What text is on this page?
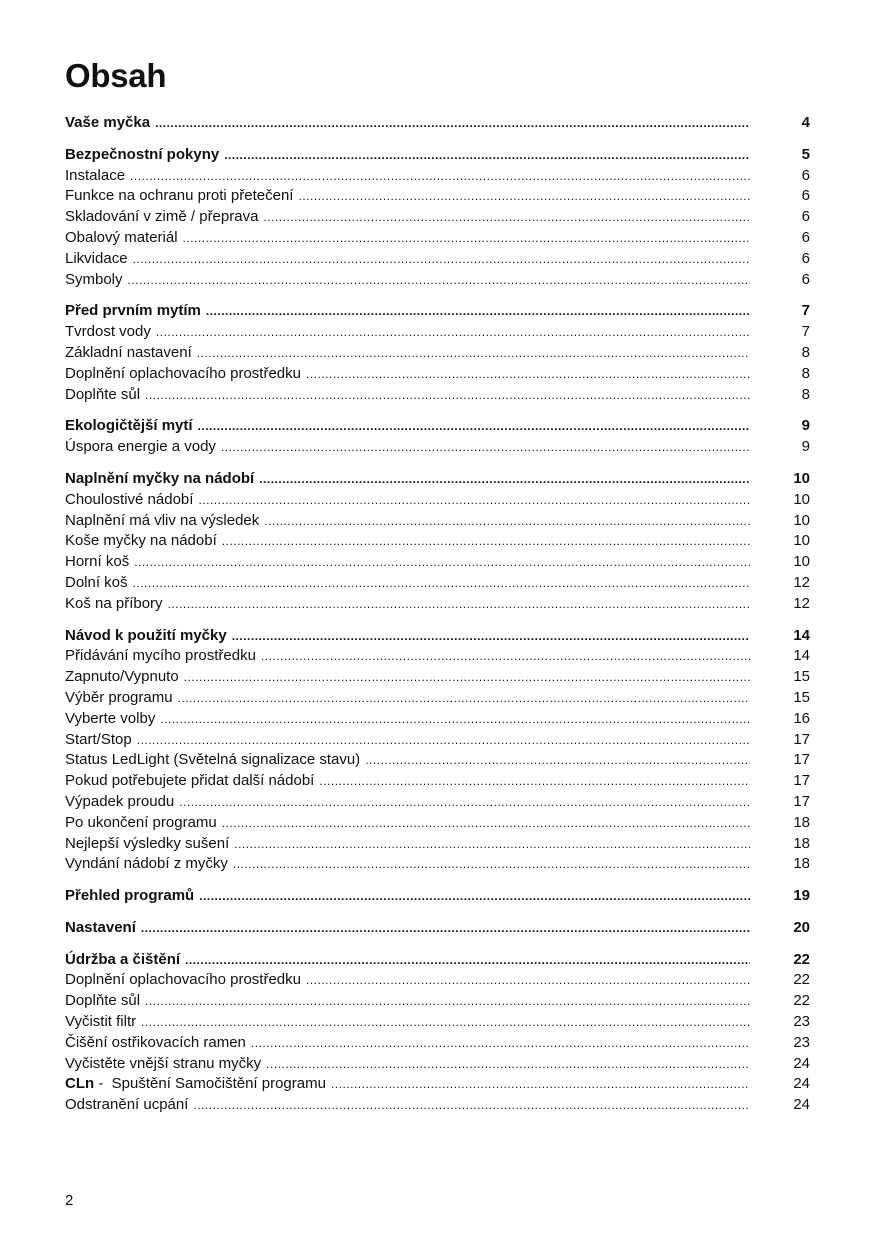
Obsah
Vaše myčka .....	4
Bezpečnostní pokyny .....	5
Instalace .....	6
Funkce na ochranu proti přetečení .....	6
Skladování v zimě / přeprava .....	6
Obalový materiál .....	6
Likvidace .....	6
Symboly .....	6
Před prvním mytím .....	7
Tvrdost vody .....	7
Základní nastavení .....	8
Doplnění oplachovacího prostředku .....	8
Doplňte sůl .....	8
Ekologičtější mytí .....	9
Úspora energie a vody .....	9
Naplnění myčky na nádobí .....	10
Choulostivé nádobí .....	10
Naplnění má vliv na výsledek .....	10
Koše myčky na nádobí .....	10
Horní koš .....	10
Dolní koš .....	12
Koš na příbory .....	12
Návod k použití myčky .....	14
Přidávání mycího prostředku .....	14
Zapnuto/Vypnuto .....	15
Výběr programu .....	15
Vyberte volby .....	16
Start/Stop .....	17
Status LedLight (Světelná signalizace stavu) .....	17
Pokud potřebujete přidat další nádobí .....	17
Výpadek proudu .....	17
Po ukončení programu .....	18
Nejlepší výsledky sušení .....	18
Vyndání nádobí z myčky .....	18
Přehled programů .....	19
Nastavení .....	20
Údržba a čištění .....	22
Doplnění oplachovacího prostředku .....	22
Doplňte sůl .....	22
Vyčistit filtr .....	23
Čišění ostřikovacích ramen .....	23
Vyčistěte vnější stranu myčky .....	24
CLn -  Spuštění Samočištění programu .....	24
Odstranění ucpání .....	24
2
